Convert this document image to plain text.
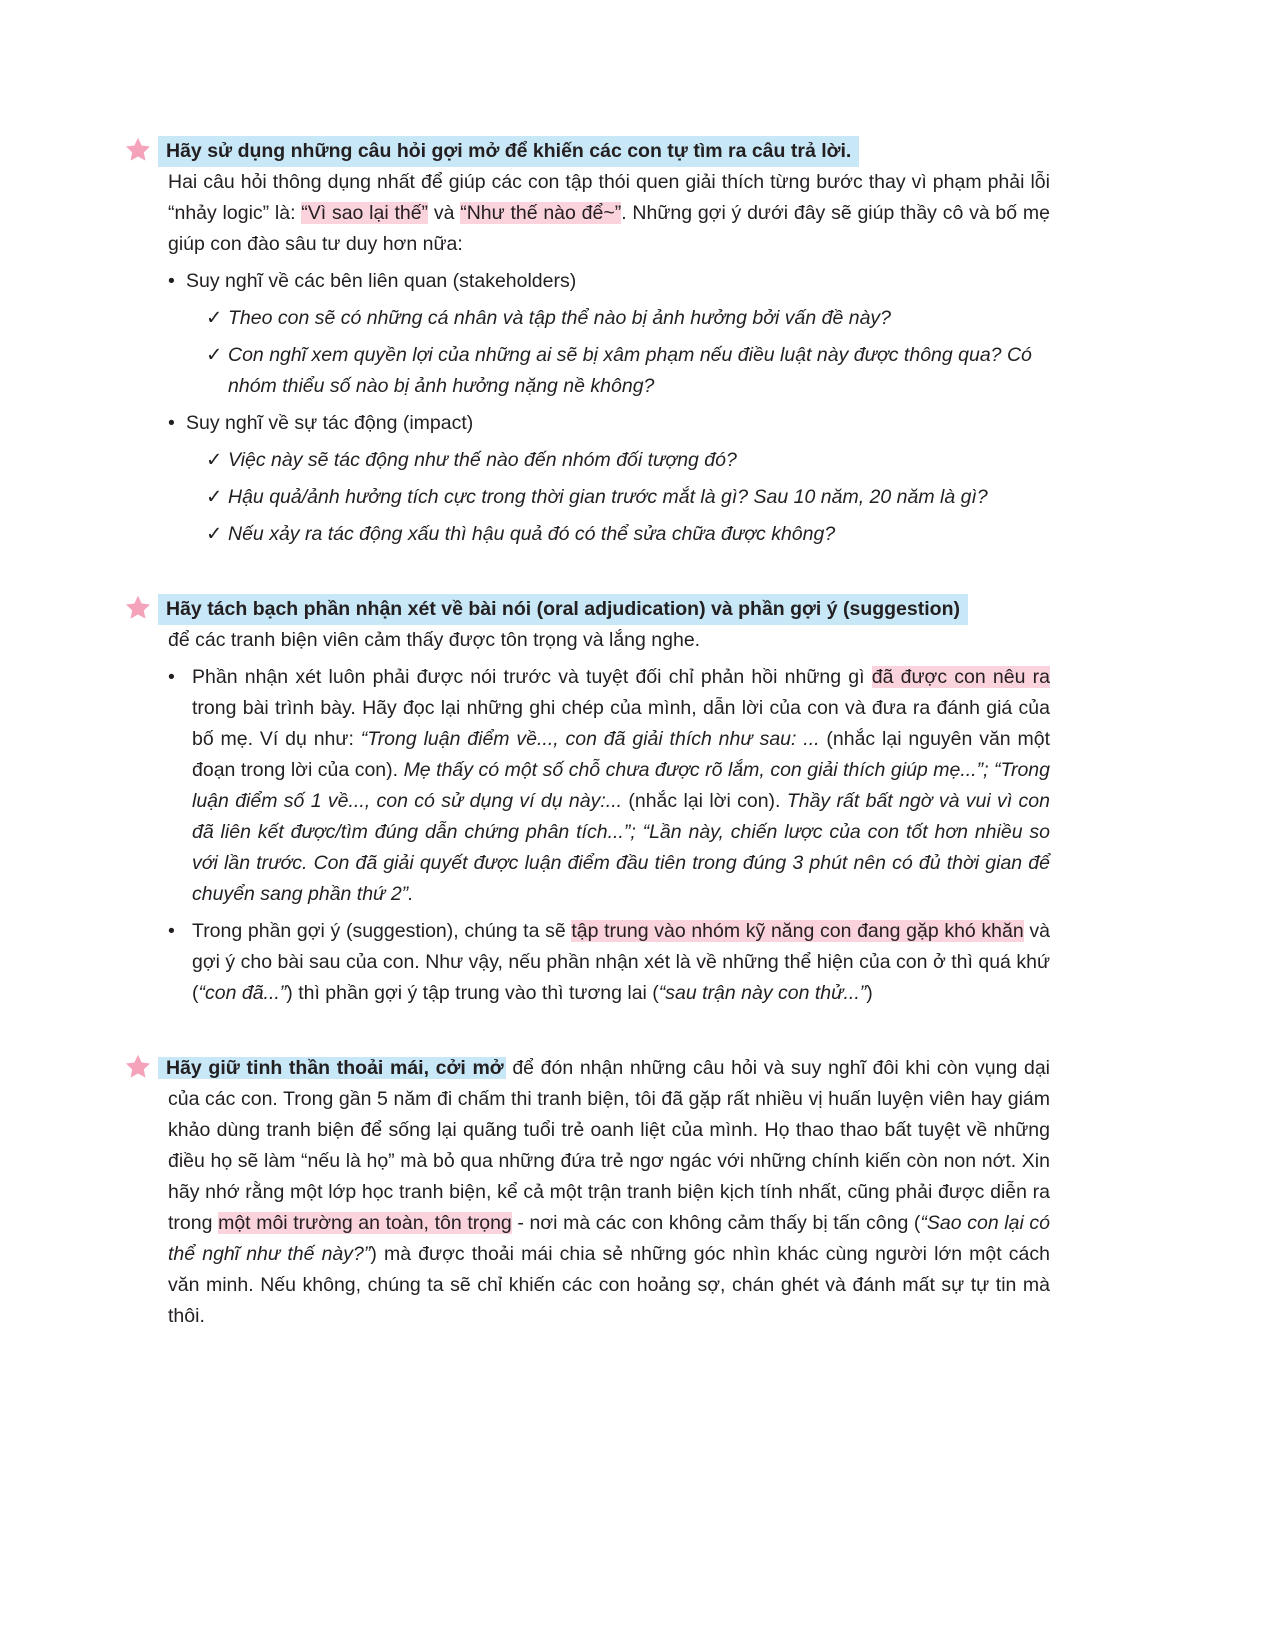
Hãy sử dụng những câu hỏi gợi mở để khiến các con tự tìm ra câu trả lời.

Hai câu hỏi thông dụng nhất để giúp các con tập thói quen giải thích từng bước thay vì phạm phải lỗi “nhảy logic” là: “Vì sao lại thế” và “Như thế nào để~”. Những gợi ý dưới đây sẽ giúp thầy cô và bố mẹ giúp con đào sâu tư duy hơn nữa:

• Suy nghĩ về các bên liên quan (stakeholders)
✓ Theo con sẽ có những cá nhân và tập thể nào bị ảnh hưởng bởi vấn đề này?
✓ Con nghĩ xem quyền lợi của những ai sẽ bị xâm phạm nếu điều luật này được thông qua? Có nhóm thiểu số nào bị ảnh hưởng nặng nề không?
• Suy nghĩ về sự tác động (impact)
✓ Việc này sẽ tác động như thế nào đến nhóm đối tượng đó?
✓ Hậu quả/ảnh hưởng tích cực trong thời gian trước mắt là gì? Sau 10 năm, 20 năm là gì?
✓ Nếu xảy ra tác động xấu thì hậu quả đó có thể sửa chữa được không?
Hãy tách bạch phần nhận xét về bài nói (oral adjudication) và phần gợi ý (suggestion)

để các tranh biện viên cảm thấy được tôn trọng và lắng nghe.

• Phần nhận xét luôn phải được nói trước và tuyệt đối chỉ phản hồi những gì đã được con nêu ra trong bài trình bày. Hãy đọc lại những ghi chép của mình, dẫn lời của con và đưa ra đánh giá của bố mẹ. Ví dụ như: “Trong luận điểm về..., con đã giải thích như sau: ... (nhắc lại nguyên văn một đoạn trong lời của con). Mẹ thấy có một số chỗ chưa được rõ lắm, con giải thích giúp mẹ...”; “Trong luận điểm số 1 về..., con có sử dụng ví dụ này:... (nhắc lại lời con). Thầy rất bất ngờ và vui vì con đã liên kết được/tìm đúng dẫn chứng phân tích...”; “Lần này, chiến lược của con tốt hơn nhiều so với lần trước. Con đã giải quyết được luận điểm đầu tiên trong đúng 3 phút nên có đủ thời gian để chuyển sang phần thứ 2”.

• Trong phần gợi ý (suggestion), chúng ta sẽ tập trung vào nhóm kỹ năng con đang gặp khó khăn và gợi ý cho bài sau của con. Như vậy, nếu phần nhận xét là về những thể hiện của con ở thì quá khứ (“con đã...”) thì phần gợi ý tập trung vào thì tương lai (“sau trận này con thử...”)

Hãy giữ tinh thần thoải mái, cởi mở để đón nhận những câu hỏi và suy nghĩ đôi khi còn vụng dại của các con. Trong gần 5 năm đi chấm thi tranh biện, tôi đã gặp rất nhiều vị huấn luyện viên hay giám khảo dùng tranh biện để sống lại quãng tuổi trẻ oanh liệt của mình. Họ thao thao bất tuyệt về những điều họ sẽ làm “nếu là họ” mà bỏ qua những đứa trẻ ngơ ngác với những chính kiến còn non nớt. Xin hãy nhớ rằng một lớp học tranh biện, kể cả một trận tranh biện kịch tính nhất, cũng phải được diễn ra trong một môi trường an toàn, tôn trọng - nơi mà các con không cảm thấy bị tấn công (“Sao con lại có thể nghĩ như thế này?”) mà được thoải mái chia sẻ những góc nhìn khác cùng người lớn một cách văn minh. Nếu không, chúng ta sẽ chỉ khiến các con hoảng sợ, chán ghét và đánh mất sự tự tin mà thôi.
